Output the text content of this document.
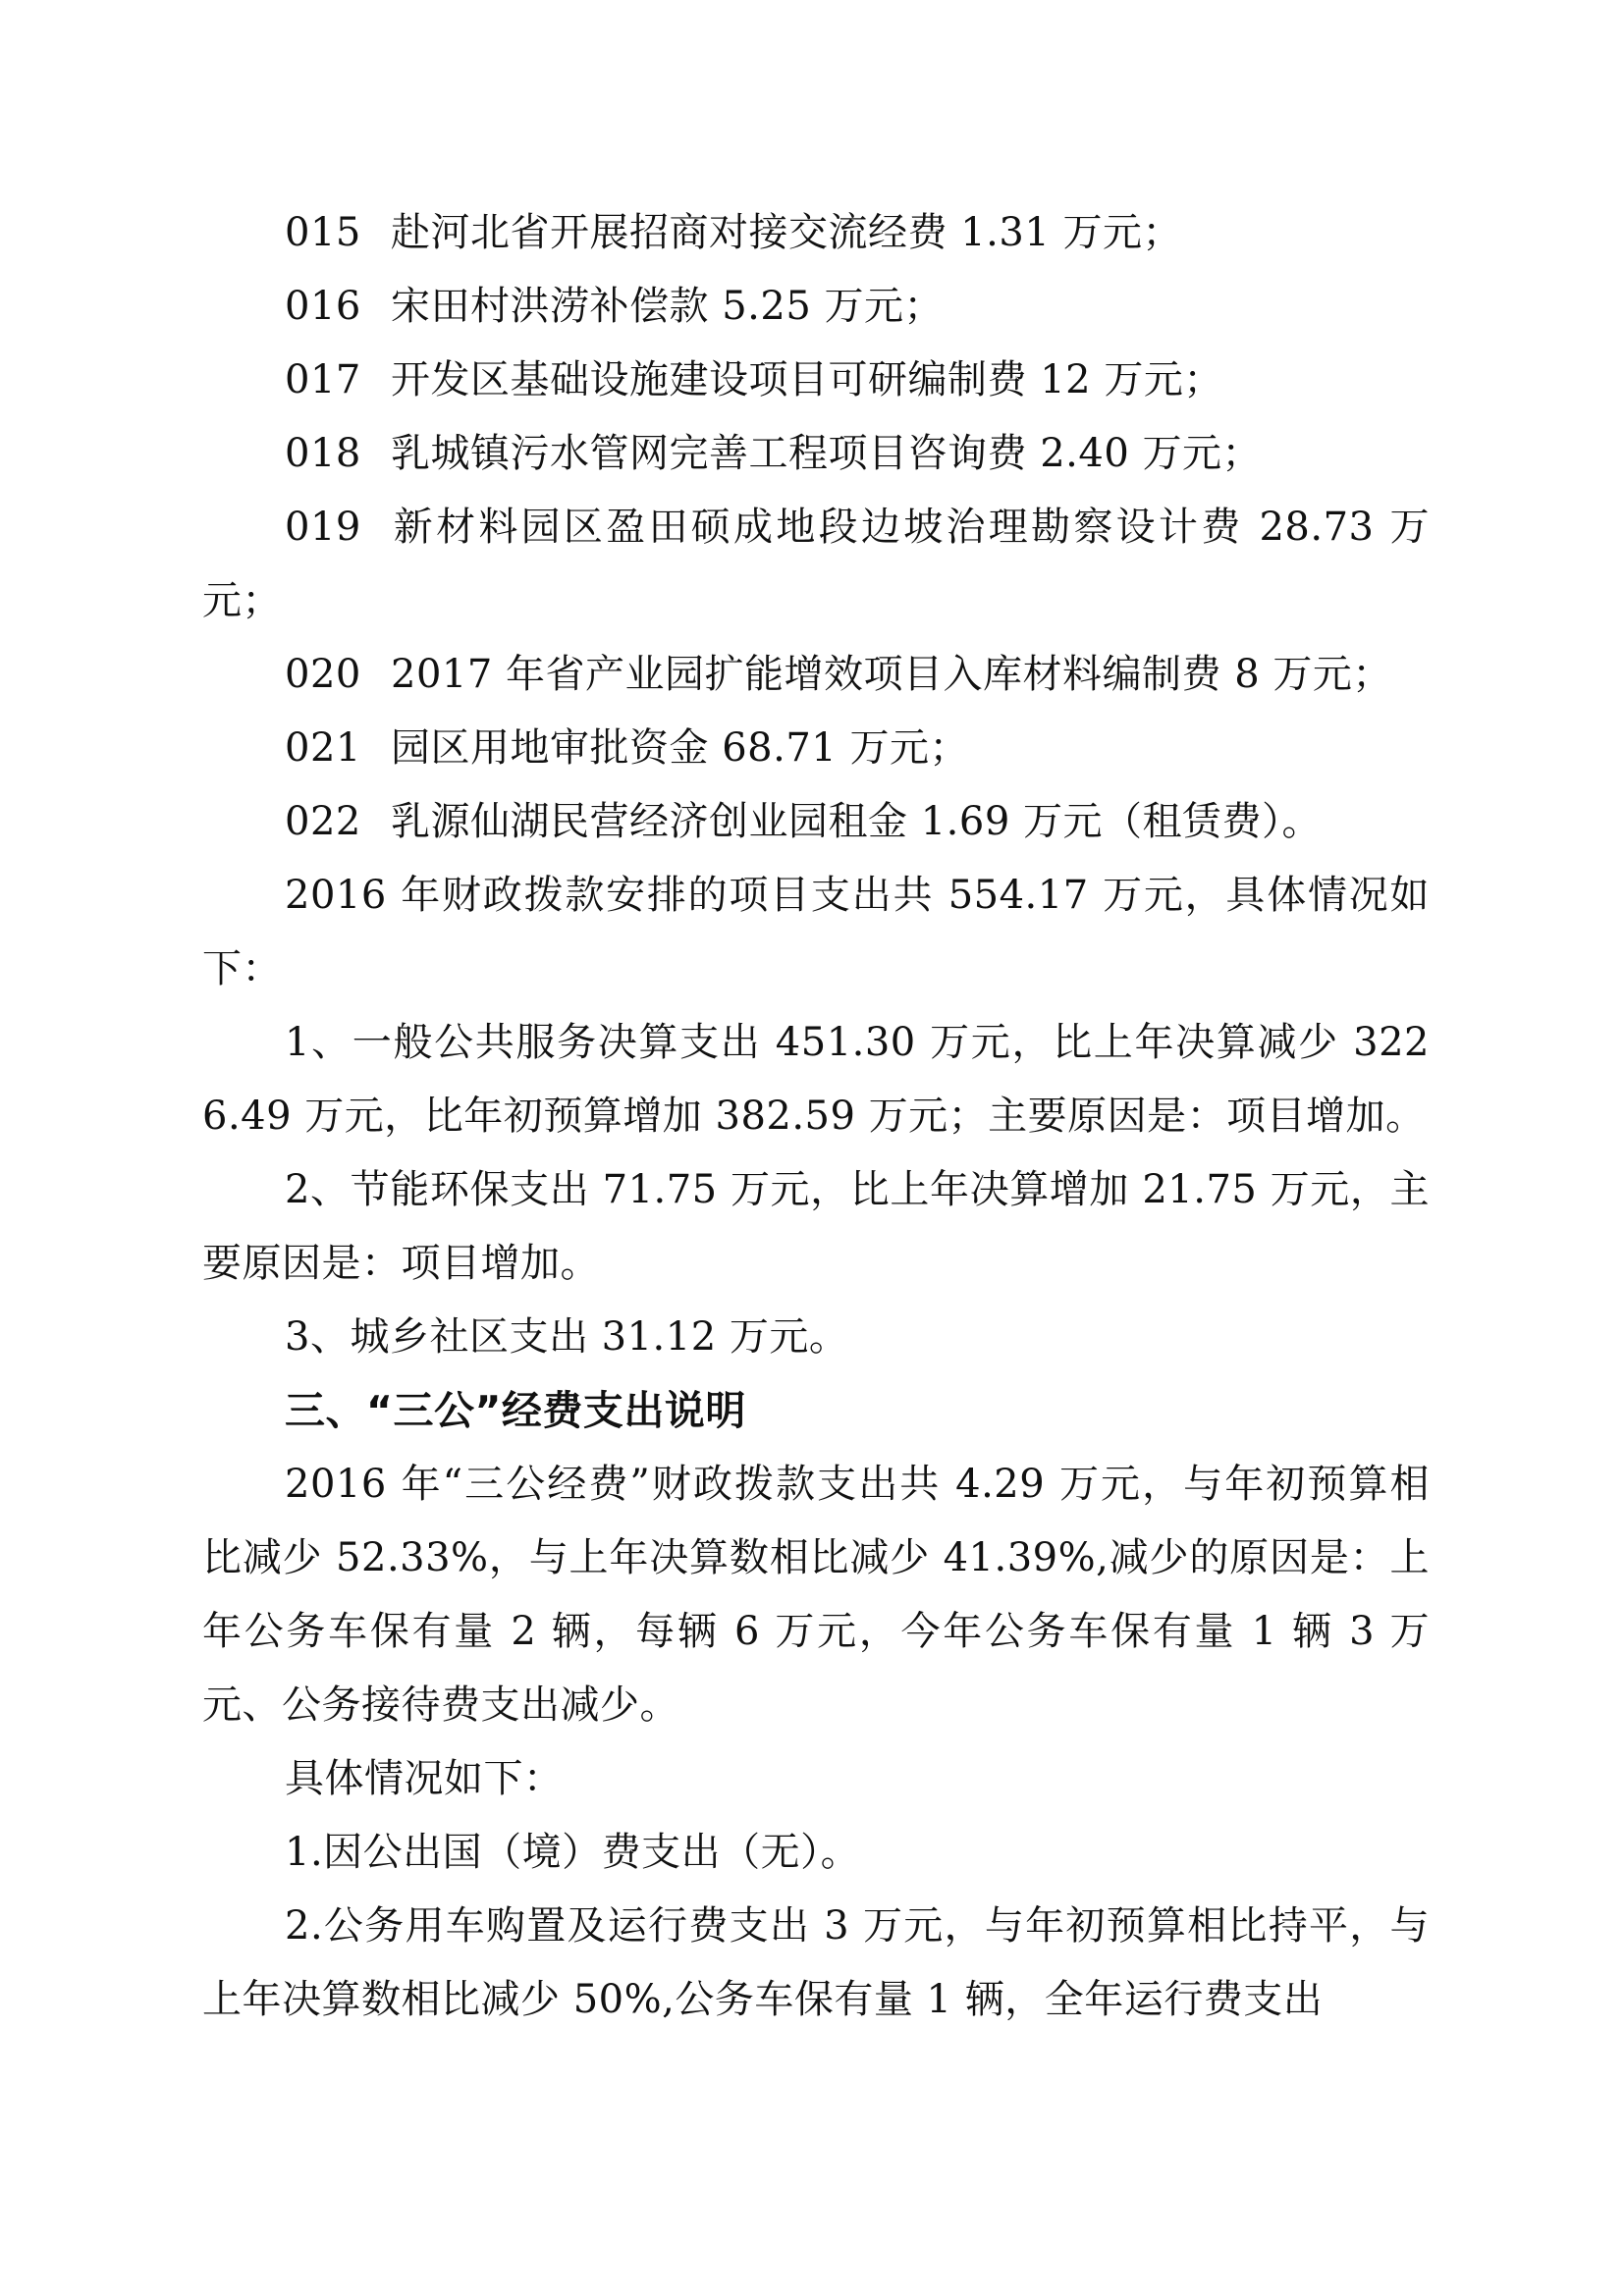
015 赴河北省开展招商对接交流经费 1.31 万元；

016 宋田村洪涝补偿款 5.25 万元；

017 开发区基础设施建设项目可研编制费 12 万元；

018 乳城镇污水管网完善工程项目咨询费 2.40 万元；

019 新材料园区盈田硕成地段边坡治理勘察设计费 28.73 万元；

020 2017 年省产业园扩能增效项目入库材料编制费 8 万元；

021 园区用地审批资金 68.71 万元；

022 乳源仙湖民营经济创业园租金 1.69 万元（租赁费）。

2016 年财政拨款安排的项目支出共 554.17 万元，具体情况如下：

1、一般公共服务决算支出 451.30 万元，比上年决算减少 3226.49 万元，比年初预算增加 382.59 万元；主要原因是：项目增加。

2、节能环保支出 71.75 万元，比上年决算增加 21.75 万元，主要原因是：项目增加。

3、城乡社区支出 31.12 万元。

三、“三公”经费支出说明

2016 年“三公经费”财政拨款支出共 4.29 万元，与年初预算相比减少 52.33%，与上年决算数相比减少 41.39%,减少的原因是：上年公务车保有量 2 辆，每辆 6 万元，今年公务车保有量 1 辆 3 万元、公务接待费支出减少。

具体情况如下：

1.因公出国（境）费支出（无）。

2.公务用车购置及运行费支出 3 万元，与年初预算相比持平，与上年决算数相比减少 50%,公务车保有量 1 辆，全年运行费支出
